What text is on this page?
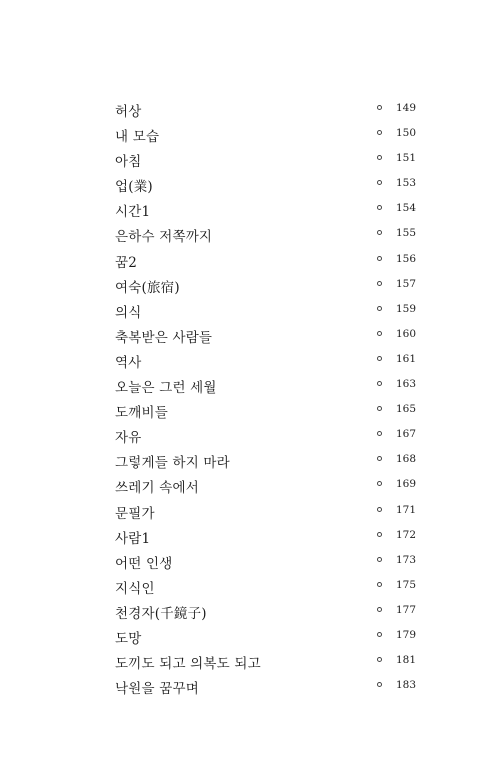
허상	149
내 모습	150
아침	151
업(業)	153
시간1	154
은하수 저쪽까지	155
꿈2	156
여숙(旅宿)	157
의식	159
축복받은 사람들	160
역사	161
오늘은 그런 세월	163
도깨비들	165
자유	167
그렇게들 하지 마라	168
쓰레기 속에서	169
문필가	171
사람1	172
어떤 인생	173
지식인	175
천경자(千鏡子)	177
도망	179
도끼도 되고 의복도 되고	181
낙원을 꿈꾸며	183
